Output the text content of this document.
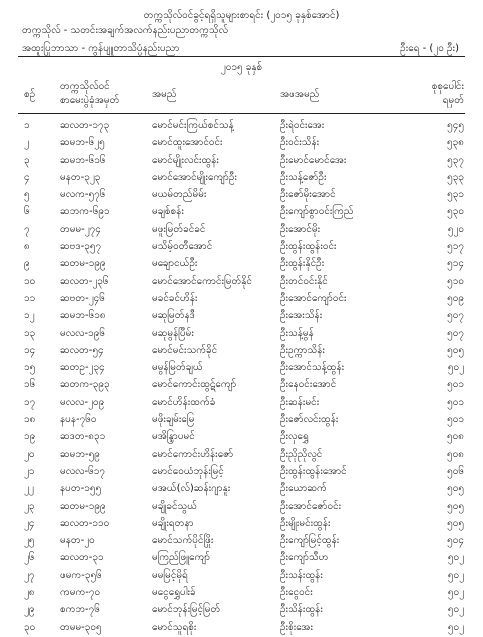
တက္ကသိုလ်ဝင်ခွင့်ရရှိသူများစာရင်း (၂၀၁၅ ခုနှစ်အောင်)
တက္ကသိုလ် - သတင်းအချက်အလက်နည်းပညာတက္ကသိုလ်
အထူးပြုဘာသာ - ကွန်ပျူတာသိပ္ပံနည်းပညာ	ဦးရေ - (၂၀ ဦး)
၂၀၁၅ ခုနှစ်
စဉ်
တက္ကသိုလ်ဝင်
စာမေးပွဲခုံအမှတ်
အမည်	အဖအမည်
စုစုပေါင်း
ရမှတ်
၁	ဆလတ-၁၇၃	မောင်မင်းကြယ်စင်သန့်	ဦးရဲဝင်းအေး	၅၄၅
၂	ဆမဘ-၆၂၅	မောင်ထူးအောင်ဝင်း	ဦးဝင်းသိန်း	၅၃၈
၃	ဆမဘ-၆၁၆	မောင်မျိုးလင်းထွန်း	ဦးမောင်မောင်အေး	၅၃၇
၄	မနတ-၃၂၃	မောင်အောင်မျိုးကျော်ဦး	ဦးသန့်ဇော်ဦး	၅၃၃
၅	မလက-၅၇၆	မယမ်တည်မိမ်း	ဦးဇော်မိုးအောင်	၅၃၁
၆	ဆဘက-၆၉၁	မချစ်စန်း	ဦးကျော်စွာဝင်းကြည်	၅၃၀
၇	တမမ-၂၇၄	မဖူးမြတ်ခင်ခင်	ဦးအောင်မိုး	၅၂၀
၈	ဆဗဒ-၃၅၇	မသိမ့်ဝတီအောင်	ဦးထွန်းထွန်းဝင်း	၅၁၇
၉	ဆတမ-၁၉၉	မချောငယ်ဦး	ဦးထွန်းနိုင်ဦး	၅၁၄
၁၀	ဆလတ-၂၃၆	မောင်အောင်ကောင်းမြတ်နိုင်	ဦးတင်ဝင်းနိုင်	၅၁၀
၁၁	ဆဗတ-၂၄၆	မခင်ခင်ဟိန်း	ဦးအောင်ကျော်ဝင်း	၅၀၉
၁၂	ဆမဘ-၆၁၈	မဆုမြတ်နဒီ	ဦးအေးသိန်း	၅၀၇
၁၃	မလလ-၁၉၆	မဆုမွန်ပြီမ်း	ဦးသန့်မွန်	၅၀၇
၁၄	ဆလတ-၅၄	မောင်မင်းသက်ခိုင်	ဦးဥက္ကာသိန်း	၅၀၅
၁၅	ဆတဥ-၂၃၄	မမွန်မြတ်ချယ်	ဦးအောင်သန့်ထွန်း	၅၀၂
၁၆	ဆတက-၃၉၃	မောင်ကောင်းထွဋ်ကျော်	ဦးနေဝင်းအောင်	၅၀၁
၁၇	မလလ-၂၀၉	မောင်ဟိန်းထက်ခံ	ဦးဆန်းမင်း	၅၀၁
၁၈	နပန-၇၆၀	မဖိုးချမ်းမြေ	ဦးဇော်လင်းထွန်း	၅၀၁
၁၉	ဆဒတ-၈၃၁	မအိန္ဒြာပမင်	ဦးလှရွှေ	၅၀၈
၂၀	ဆမဘ-၅၉	မောင်ကောင်းဟိန်းဇော်	ဦးညိုညိုလွင်	၅၀၈
၂၁	မလလ-၆၁၇	မောင်ဝေယံဘုန်းမြင့်	ဦးထွန်းထွန်းအောင်	၅၀၆
၂၂	နပတ-၁၅၅	မအယ်(လ်)ဆန်းဂျာနူး	ဦးယောဆက်	၅၀၅
၂၃	ဆတမ-၁၉၉	မချိုခင်သွယ်	ဦးအောင်ဇော်ဝင်း	၅၀၅
၂၄	ဆလတ-၁၁၀	မချိုးရတနာ	ဦးမျိုးမင်းထွန်း	၅၀၅
၂၅	မနတ-၂၀	မောင်သက်ပိုင်ဖြိုး	ဦးကျော်မြင့်ထွန်း	၅၀၄
၂၆	ဆလတ-၃၁	မကြည်ဖြူကျော်	ဦးကျော်သီဟ	၅၀၂
၂၇	ဖမက-၃၅၆	မမမြင့်မိုရ်	ဦးသန်းထွန်း	၅၀၂
၂၈	ကမက-၇၀	မငွေရွှေပါးခ်	ဦးငွေဝင်း	၅၀၂
၂၉	စကဘ-၇၆	မောင်ဘုန်းမြင့်မြတ်	ဦးသိန်းထွန်း	၅၀၂
၃၀	တမမ-၃၀၅	မောင်သူရစိုး	ဦးစိုးအေး	၅၀၂
